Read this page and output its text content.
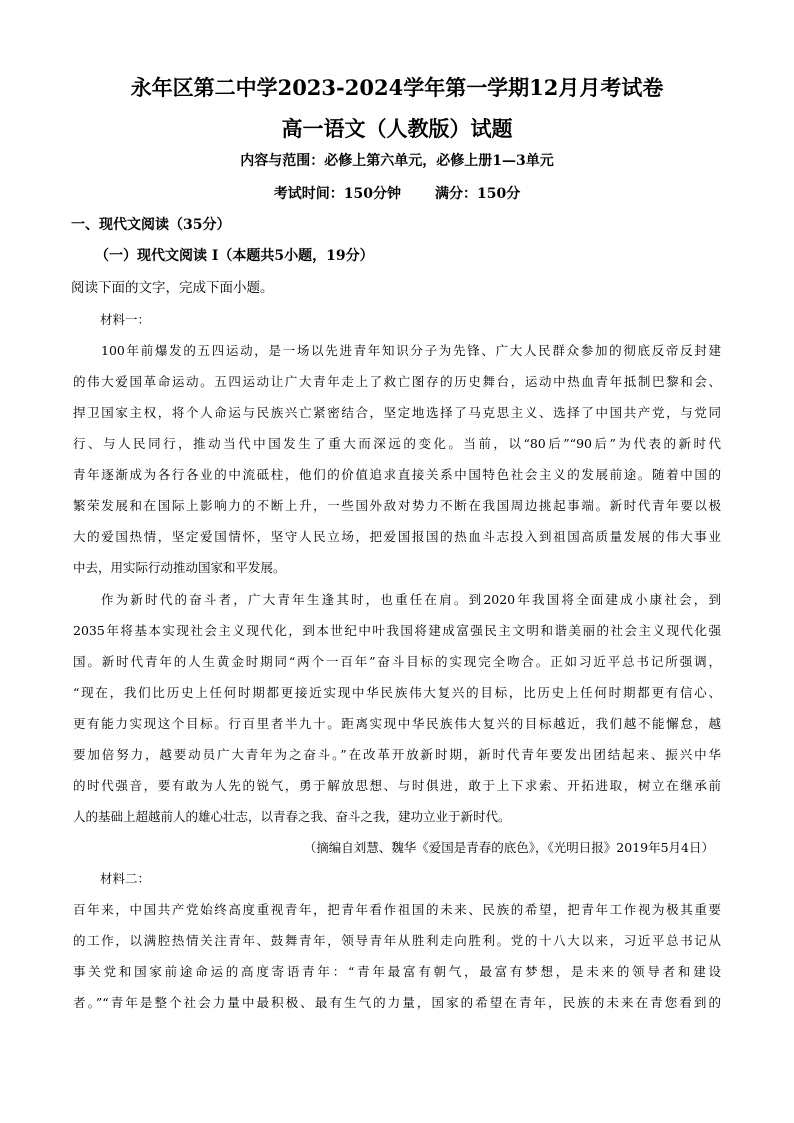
永年区第二中学2023-2024学年第一学期12月月考试卷
高一语文（人教版）试题
内容与范围：必修上第六单元，必修上册1—3单元
考试时间：150分钟 满分：150分
一、现代文阅读（35分）
（一）现代文阅读 I（本题共5小题，19分）
阅读下面的文字，完成下面小题。
材料一：
100年前爆发的五四运动，是一场以先进青年知识分子为先锋、广大人民群众参加的彻底反帝反封建
的伟大爱国革命运动。五四运动让广大青年走上了救亡图存的历史舞台，运动中热血青年抵制巴黎和会、
捍卫国家主权，将个人命运与民族兴亡紧密结合，坚定地选择了马克思主义、选择了中国共产党，与党同
行、与人民同行，推动当代中国发生了重大而深远的变化。当前，以“80后”“90后”为代表的新时代
青年逐渐成为各行各业的中流砥柱，他们的价值追求直接关系中国特色社会主义的发展前途。随着中国的
繁荣发展和在国际上影响力的不断上升，一些国外敌对势力不断在我国周边挑起事端。新时代青年要以极
大的爱国热情，坚定爱国情怀，坚守人民立场，把爱国报国的热血斗志投入到祖国高质量发展的伟大事业
中去，用实际行动推动国家和平发展。
作为新时代的奋斗者，广大青年生逢其时，也重任在肩。到2020年我国将全面建成小康社会，到
2035年将基本实现社会主义现代化，到本世纪中叶我国将建成富强民主文明和谐美丽的社会主义现代化强
国。新时代青年的人生黄金时期同“两个一百年”奋斗目标的实现完全吻合。正如习近平总书记所强调，
“现在，我们比历史上任何时期都更接近实现中华民族伟大复兴的目标，比历史上任何时期都更有信心、
更有能力实现这个目标。行百里者半九十。距离实现中华民族伟大复兴的目标越近，我们越不能懈怠，越
要加倍努力，越要动员广大青年为之奋斗。”在改革开放新时期，新时代青年要发出团结起来、振兴中华
的时代强音，要有敢为人先的锐气，勇于解放思想、与时俱进，敢于上下求索、开拓进取，树立在继承前
人的基础上超越前人的雄心壮志，以青春之我、奋斗之我，建功立业于新时代。
（摘编自刘慧、魏华《爱国是青春的底色》，《光明日报》2019年5月4日）
材料二：
百年来，中国共产党始终高度重视青年，把青年看作祖国的未来、民族的希望，把青年工作视为极其重要
的工作，以满腔热情关注青年、鼓舞青年，领导青年从胜利走向胜利。党的十八大以来，习近平总书记从
事关党和国家前途命运的高度寄语青年：“青年最富有朝气，最富有梦想，是未来的领导者和建设
者。”“青年是整个社会力量中最积极、最有生气的力量，国家的希望在青年，民族的未来在青您看到的
